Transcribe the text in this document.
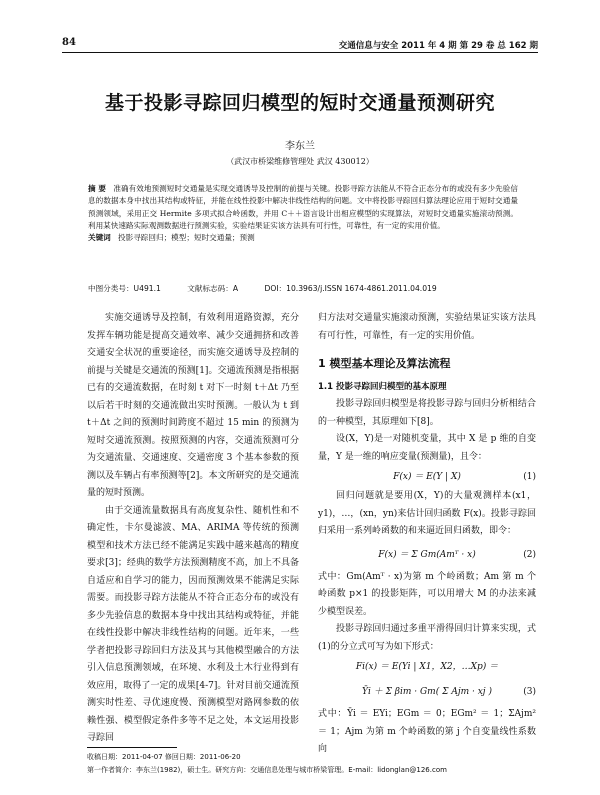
84	交通信息与安全 2011 年 4 期 第 29 卷 总 162 期
基于投影寻踪回归模型的短时交通量预测研究
李东兰
（武汉市桥梁维修管理处 武汉 430012）
摘 要 准确有效地预测短时交通量是实现交通诱导及控制的前提与关键。投影寻踪方法能从不符合正态分布的或没有多少先验信息的数据本身中找出其结构或特征，并能在线性投影中解决非线性结构的问题。文中将投影寻踪回归算法理论应用于短时交通量预测领域，采用正交 Hermite 多项式拟合岭函数，并用 C＋＋语言设计出相应模型的实现算法，对短时交通量实施滚动预测。利用某快速路实际观测数据进行预测实验，实验结果证实该方法具有可行性，可靠性，有一定的实用价值。
关键词 投影寻踪回归；模型；短时交通量；预测
中图分类号：U491.1	文献标志码：A	DOI：10.3963/j.ISSN 1674-4861.2011.04.019

实施交通诱导及控制，有效利用道路资源，充分发挥车辆功能是提高交通效率、减少交通拥挤和改善交通安全状况的重要途径，而实施交通诱导及控制的前提与关键是交通流的预测[1]。交通流预测是指根据已有的交通流数据，在时刻 t 对下一时刻 t＋Δt 乃至以后若干时刻的交通流做出实时预测。一般认为 t 到 t＋Δt 之间的预测时间跨度不超过 15 min 的预测为短时交通流预测。按照预测的内容，交通流预测可分为交通流量、交通速度、交通密度 3 个基本参数的预测以及车辆占有率预测等[2]。本文所研究的是交通流量的短时预测。

由于交通流量数据具有高度复杂性、随机性和不确定性，卡尔曼滤波、MA、ARIMA 等传统的预测模型和技术方法已经不能满足实践中越来越高的精度要求[3]；经典的数学方法预测精度不高，加上不具备自适应和自学习的能力，因而预测效果不能满足实际需要。而投影寻踪方法能从不符合正态分布的或没有多少先验信息的数据本身中找出其结构或特征，并能在线性投影中解决非线性结构的问题。近年来，一些学者把投影寻踪回归方法及其与其他模型融合的方法引入信息预测领域，在环境、水利及土木行业得到有效应用，取得了一定的成果[4-7]。针对目前交通流预测实时性差、寻优速度慢、预测模型对路网参数的依赖性强、模型假定条件多等不足之处，本文运用投影寻踪回

归方法对交通量实施滚动预测，实验结果证实该方法具有可行性，可靠性，有一定的实用价值。

1 模型基本理论及算法流程
1.1 投影寻踪回归模型的基本原理

投影寻踪回归模型是将投影寻踪与回归分析相结合的一种模型，其原理如下[8]。

设(X，Y)是一对随机变量，其中 X 是 p 维的自变量，Y 是一维的响应变量(预测量)，且令：

F(x) ＝ E(Y | X)	(1)

回归问题就是要用(X，Y)的大量观测样本(x1，y1)，…，(xn，yn)来估计回归函数 F(x)。投影寻踪回归采用一系列岭函数的和来逼近回归函数，即令：

F(x) ＝ Σ Gm(Amᵀ · x)	(2)

式中：Gm(Amᵀ · x)为第 m 个岭函数；Am 第 m 个岭函数 p×1 的投影矩阵，可以用增大 M 的办法来减少模型误差。

投影寻踪回归通过多重平滑得回归计算来实现，式(1)的分立式可写为如下形式：

Fi(x) ＝ E(Yi | X1，X2，…Xp) ＝
Ȳi ＋ Σ βim · Gm( Σ Ajm · xj )	(3)

式中：Ȳi ＝ EYi；EGm ＝ 0；EGm² ＝ 1；ΣAjm² ＝ 1；Ajm 为第 m 个岭函数的第 j 个自变量线性系数向

收稿日期：2011-04-07 修回日期：2011-06-20
第一作者简介：李东兰(1982)，硕士生。研究方向：交通信息处理与城市桥梁管理。E-mail：lidonglan@126.com
